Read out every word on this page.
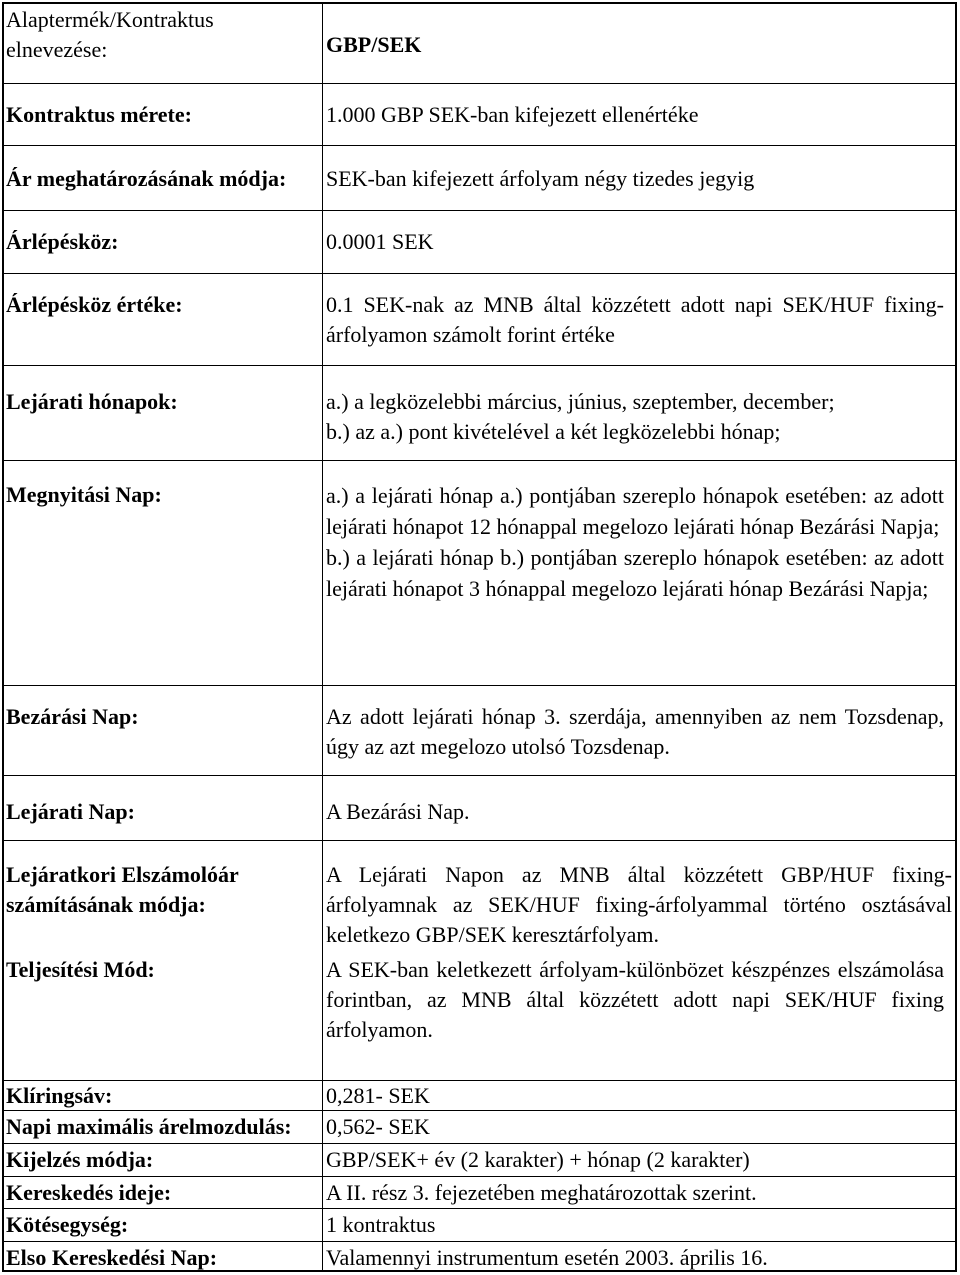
Alaptermék/Kontraktus elnevezése:	GBP/SEK
Kontraktus mérete:	1.000 GBP SEK-ban kifejezett ellenértéke
Ár meghatározásának módja: SEK-ban kifejezett árfolyam négy tizedes jegyig
Árlépésköz:	0.0001 SEK
Árlépésköz értéke:	0.1 SEK-nak az MNB által közzétett adott napi SEK/HUF fixing-árfolyamon számolt forint értéke
Lejárati hónapok:	a.) a legközelebbi március, június, szeptember, december;
b.) az a.) pont kivételével a két legközelebbi hónap;
Megnyitási Nap:	a.) a lejárati hónap a.) pontjában szereplo hónapok esetében: az adott lejárati hónapot 12 hónappal megelozo lejárati hónap Bezárási Napja;
b.) a lejárati hónap b.) pontjában szereplo hónapok esetében: az adott lejárati hónapot 3 hónappal megelozo lejárati hónap Bezárási Napja;
Bezárási Nap:	Az adott lejárati hónap 3. szerdája, amennyiben az nem Tozsdenap, úgy az azt megelozo utolsó Tozsdenap.
Lejárati Nap:	A Bezárási Nap.
Lejáratkori Elszámolóár számításának módja:
A Lejárati Napon az MNB által közzétett GBP/HUF fixing-árfolyamnak az SEK/HUF fixing-árfolyammal történo osztásával keletkezo GBP/SEK keresztárfolyam.
Teljesítési Mód:	A SEK-ban keletkezett árfolyam-különbözet készpénzes elszámolása forintban, az MNB által közzétett adott napi SEK/HUF fixing árfolyamon.
Klíringsáv:	0,281- SEK
Napi maximális árelmozdulás: 0,562- SEK
Kijelzés módja:	GBP/SEK+ év (2 karakter) + hónap (2 karakter)
Kereskedés ideje:	A II. rész 3. fejezetében meghatározottak szerint.
Kötésegység:	1 kontraktus
Elso Kereskedési Nap:	Valamennyi instrumentum esetén 2003. április 16.
